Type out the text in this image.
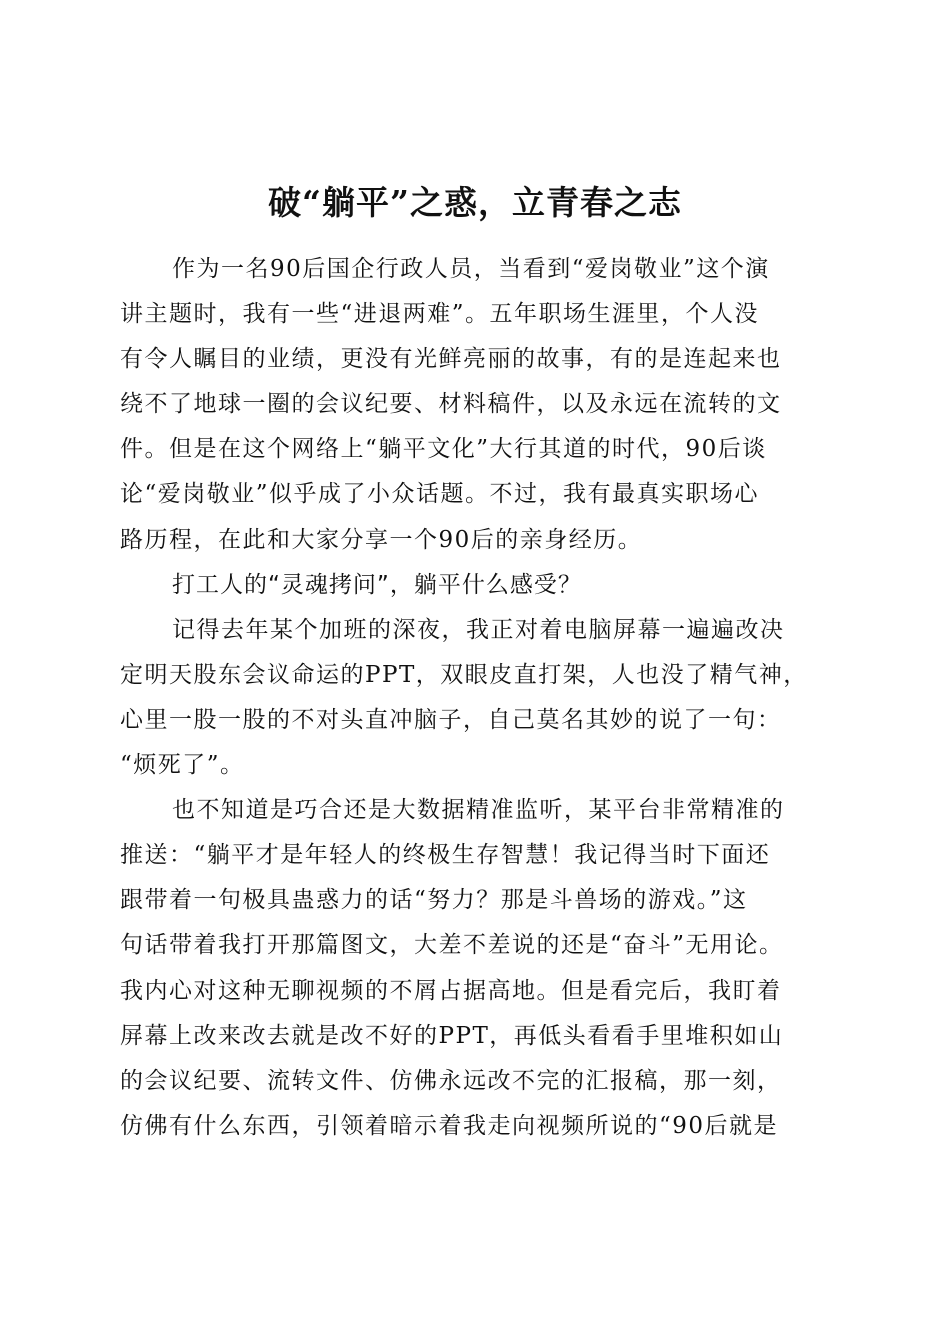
破“躺平”之惑，立青春之志
作为一名90后国企行政人员，当看到“爱岗敬业”这个演
讲主题时，我有一些“进退两难”。五年职场生涯里，个人没
有令人瞩目的业绩，更没有光鲜亮丽的故事，有的是连起来也
绕不了地球一圈的会议纪要、材料稿件，以及永远在流转的文
件。但是在这个网络上“躺平文化”大行其道的时代，90后谈
论“爱岗敬业”似乎成了小众话题。不过，我有最真实职场心
路历程，在此和大家分享一个90后的亲身经历。
打工人的“灵魂拷问”，躺平什么感受？
记得去年某个加班的深夜，我正对着电脑屏幕一遍遍改决
定明天股东会议命运的PPT，双眼皮直打架，人也没了精气神，
心里一股一股的不对头直冲脑子，自己莫名其妙的说了一句：
“烦死了”。
也不知道是巧合还是大数据精准监听，某平台非常精准的
推送：“躺平才是年轻人的终极生存智慧！我记得当时下面还
跟带着一句极具蛊惑力的话“努力？那是斗兽场的游戏。”这
句话带着我打开那篇图文，大差不差说的还是“奋斗”无用论。
我内心对这种无聊视频的不屑占据高地。但是看完后，我盯着
屏幕上改来改去就是改不好的PPT，再低头看看手里堆积如山
的会议纪要、流转文件、仿佛永远改不完的汇报稿，那一刻，
仿佛有什么东西，引领着暗示着我走向视频所说的“90后就是
